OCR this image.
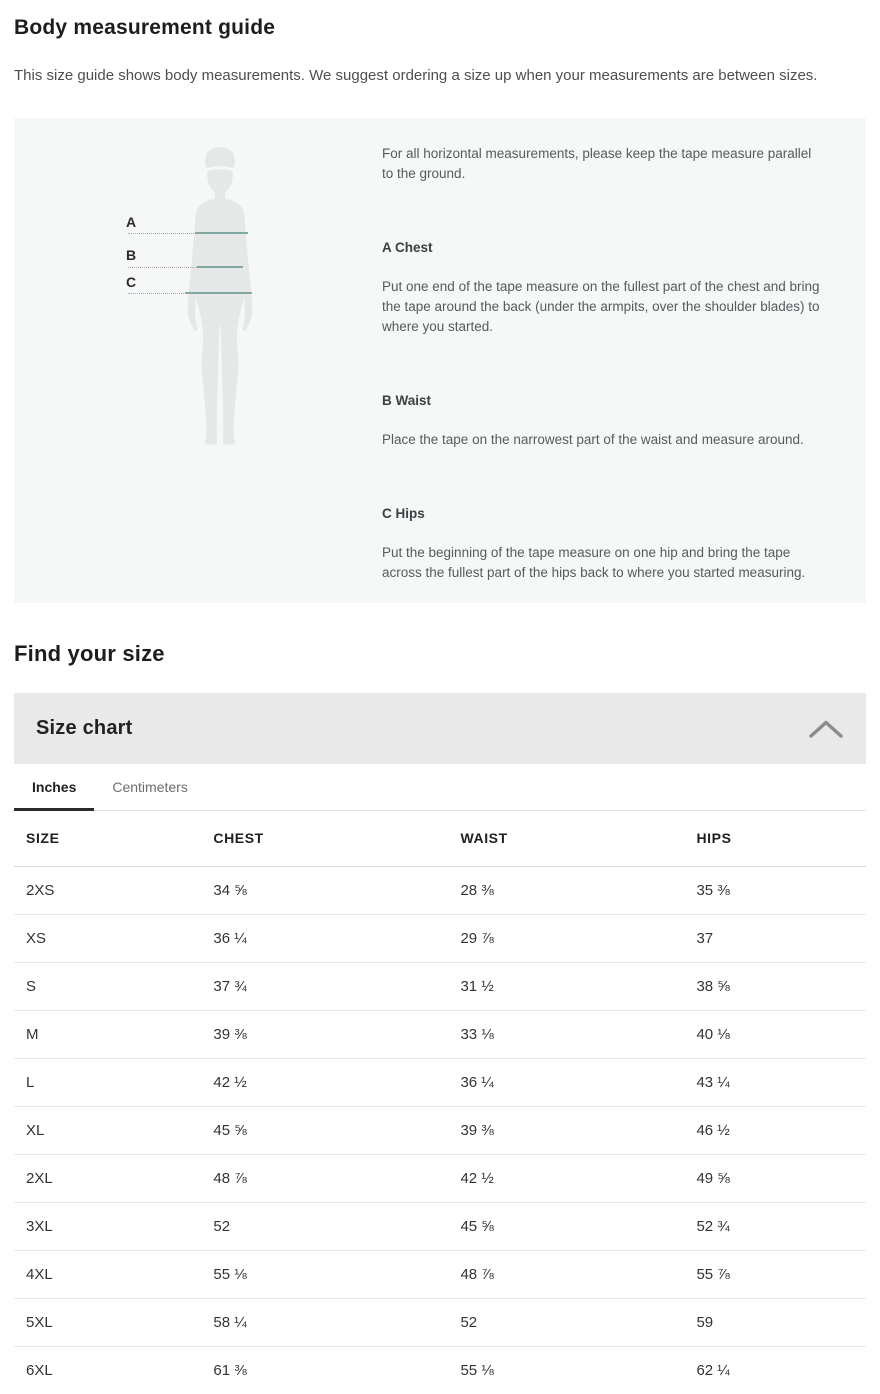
Body measurement guide

This size guide shows body measurements. We suggest ordering a size up when your measurements are between sizes.

A
B
C

For all horizontal measurements, please keep the tape measure parallel to the ground.

A Chest

Put one end of the tape measure on the fullest part of the chest and bring the tape around the back (under the armpits, over the shoulder blades) to where you started.

B Waist

Place the tape on the narrowest part of the waist and measure around.

C Hips

Put the beginning of the tape measure on one hip and bring the tape across the fullest part of the hips back to where you started measuring.

Find your size
Size chart
Inches	Centimeters
SIZE	CHEST	WAIST	HIPS
2XS	34 ⅝	28 ⅜	35 ⅜
XS	36 ¼	29 ⅞	37
S	37 ¾	31 ½	38 ⅝
M	39 ⅜	33 ⅛	40 ⅛
L	42 ½	36 ¼	43 ¼
XL	45 ⅝	39 ⅜	46 ½
2XL	48 ⅞	42 ½	49 ⅝
3XL	52	45 ⅝	52 ¾
4XL	55 ⅛	48 ⅞	55 ⅞
5XL	58 ¼	52	59
6XL	61 ⅜	55 ⅛	62 ¼
